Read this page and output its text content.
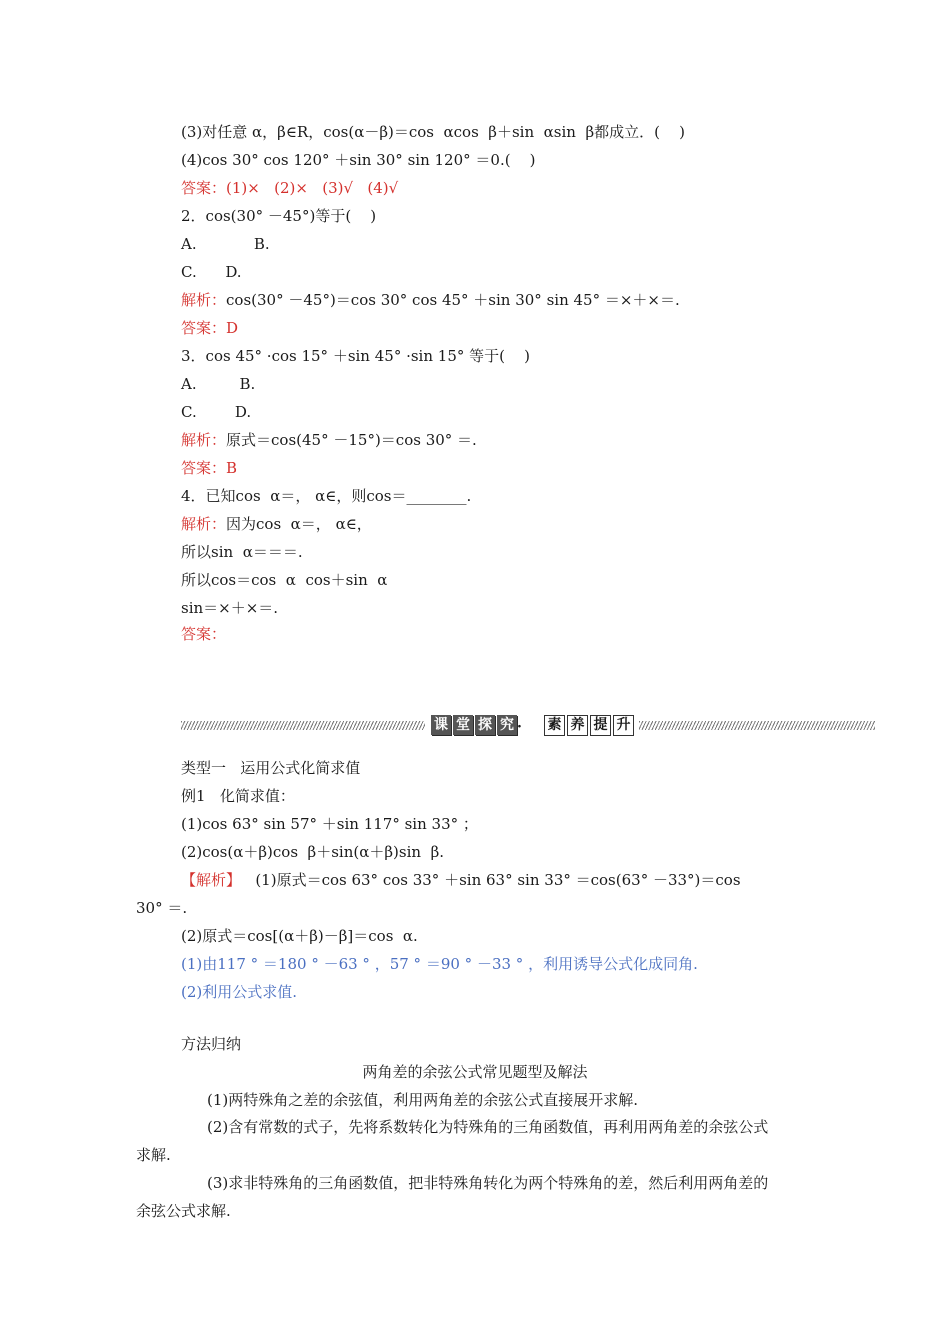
(3)对任意 α，β∈R，cos(α－β)＝cos  αcos  β＋sin  αsin  β都成立．(    )
(4)cos 30° cos 120° ＋sin 30° sin 120° ＝0.(    )
答案：(1)×   (2)×   (3)√   (4)√
2．cos(30° －45°)等于(    )
A.            B.
C.      D.
解析：cos(30° －45°)＝cos 30° cos 45° ＋sin 30° sin 45° ＝×＋×＝.
答案：D
3．cos 45° ·cos 15° ＋sin 45° ·sin 15° 等于(    )
A.         B.
C.        D.
解析：原式＝cos(45° －15°)＝cos 30° ＝.
答案：B
4．已知cos  α＝， α∈，则cos＝________.
解析：因为cos  α＝， α∈，
所以sin  α＝＝＝.
所以cos＝cos  α  cos＋sin  α
sin＝×＋×＝.
答案：
课 堂 探 究 · 素 养 提 升
类型一   运用公式化简求值
例1   化简求值：
(1)cos 63° sin 57° ＋sin 117° sin 33° ；
(2)cos(α＋β)cos  β＋sin(α＋β)sin  β.
【解析】   (1)原式＝cos 63° cos 33° ＋sin 63° sin 33° ＝cos(63° －33°)＝cos
30° ＝.
(2)原式＝cos[(α＋β)－β]＝cos  α.
(1)由117 ° ＝180 ° －63 ° ，57 ° ＝90 ° －33 ° ，利用诱导公式化成同角.
(2)利用公式求值.
方法归纳
两角差的余弦公式常见题型及解法
(1)两特殊角之差的余弦值，利用两角差的余弦公式直接展开求解.
(2)含有常数的式子，先将系数转化为特殊角的三角函数值，再利用两角差的余弦公式
求解.
(3)求非特殊角的三角函数值，把非特殊角转化为两个特殊角的差，然后利用两角差的
余弦公式求解.
